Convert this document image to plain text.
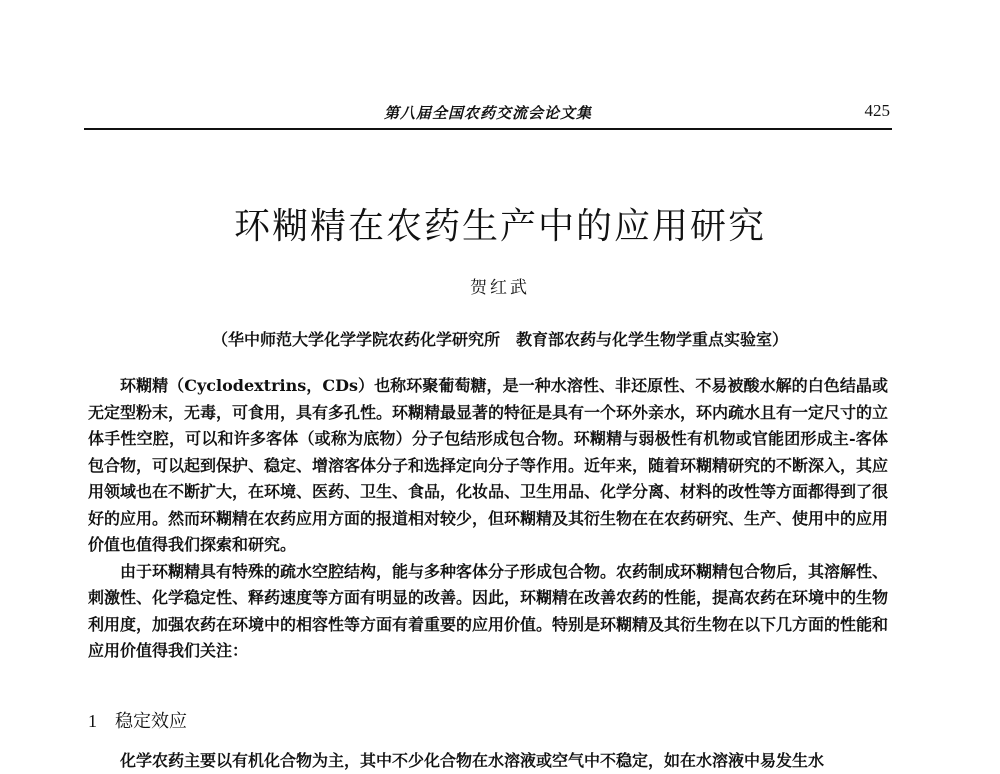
第八届全国农药交流会论文集	425
环糊精在农药生产中的应用研究
贺红武
（华中师范大学化学学院农药化学研究所　教育部农药与化学生物学重点实验室）

环糊精（Cyclodextrins，CDs）也称环聚葡萄糖，是一种水溶性、非还原性、不易被酸水解的白色结晶或无定型粉末，无毒，可食用，具有多孔性。环糊精最显著的特征是具有一个环外亲水，环内疏水且有一定尺寸的立体手性空腔，可以和许多客体（或称为底物）分子包结形成包合物。环糊精与弱极性有机物或官能团形成主-客体包合物，可以起到保护、稳定、增溶客体分子和选择定向分子等作用。近年来，随着环糊精研究的不断深入，其应用领域也在不断扩大，在环境、医药、卫生、食品，化妆品、卫生用品、化学分离、材料的改性等方面都得到了很好的应用。然而环糊精在农药应用方面的报道相对较少，但环糊精及其衍生物在在农药研究、生产、使用中的应用价值也值得我们探索和研究。

由于环糊精具有特殊的疏水空腔结构，能与多种客体分子形成包合物。农药制成环糊精包合物后，其溶解性、刺激性、化学稳定性、释药速度等方面有明显的改善。因此，环糊精在改善农药的性能，提高农药在环境中的生物利用度，加强农药在环境中的相容性等方面有着重要的应用价值。特别是环糊精及其衍生物在以下几方面的性能和应用价值得我们关注：

1 稳定效应
化学农药主要以有机化合物为主，其中不少化合物在水溶液或空气中不稳定，如在水溶液中易发生水
